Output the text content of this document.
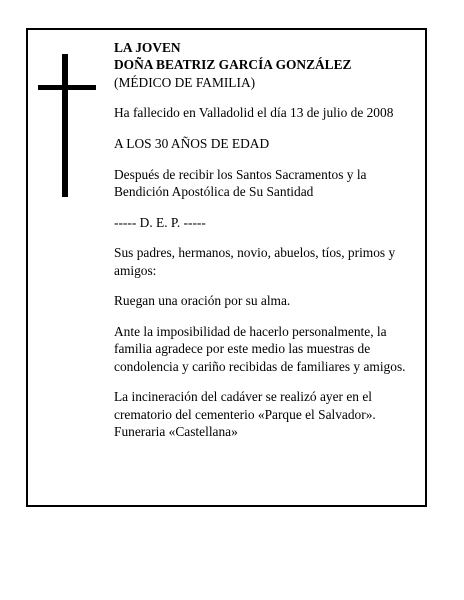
LA JOVEN

DOÑA BEATRIZ GARCÍA GONZÁLEZ

(MÉDICO DE FAMILIA)

Ha fallecido en Valladolid el día 13 de julio de 2008

A LOS 30 AÑOS DE EDAD

Después de recibir los Santos Sacramentos y la
Bendición Apostólica de Su Santidad

----- D. E. P. -----

Sus padres, hermanos, novio, abuelos, tíos, primos y
amigos:

Ruegan una oración por su alma.

Ante la imposibilidad de hacerlo personalmente, la
familia agradece por este medio las muestras de
condolencia y cariño recibidas de familiares y amigos.

La incineración del cadáver se realizó ayer en el
crematorio del cementerio «Parque el Salvador».
Funeraria «Castellana»
